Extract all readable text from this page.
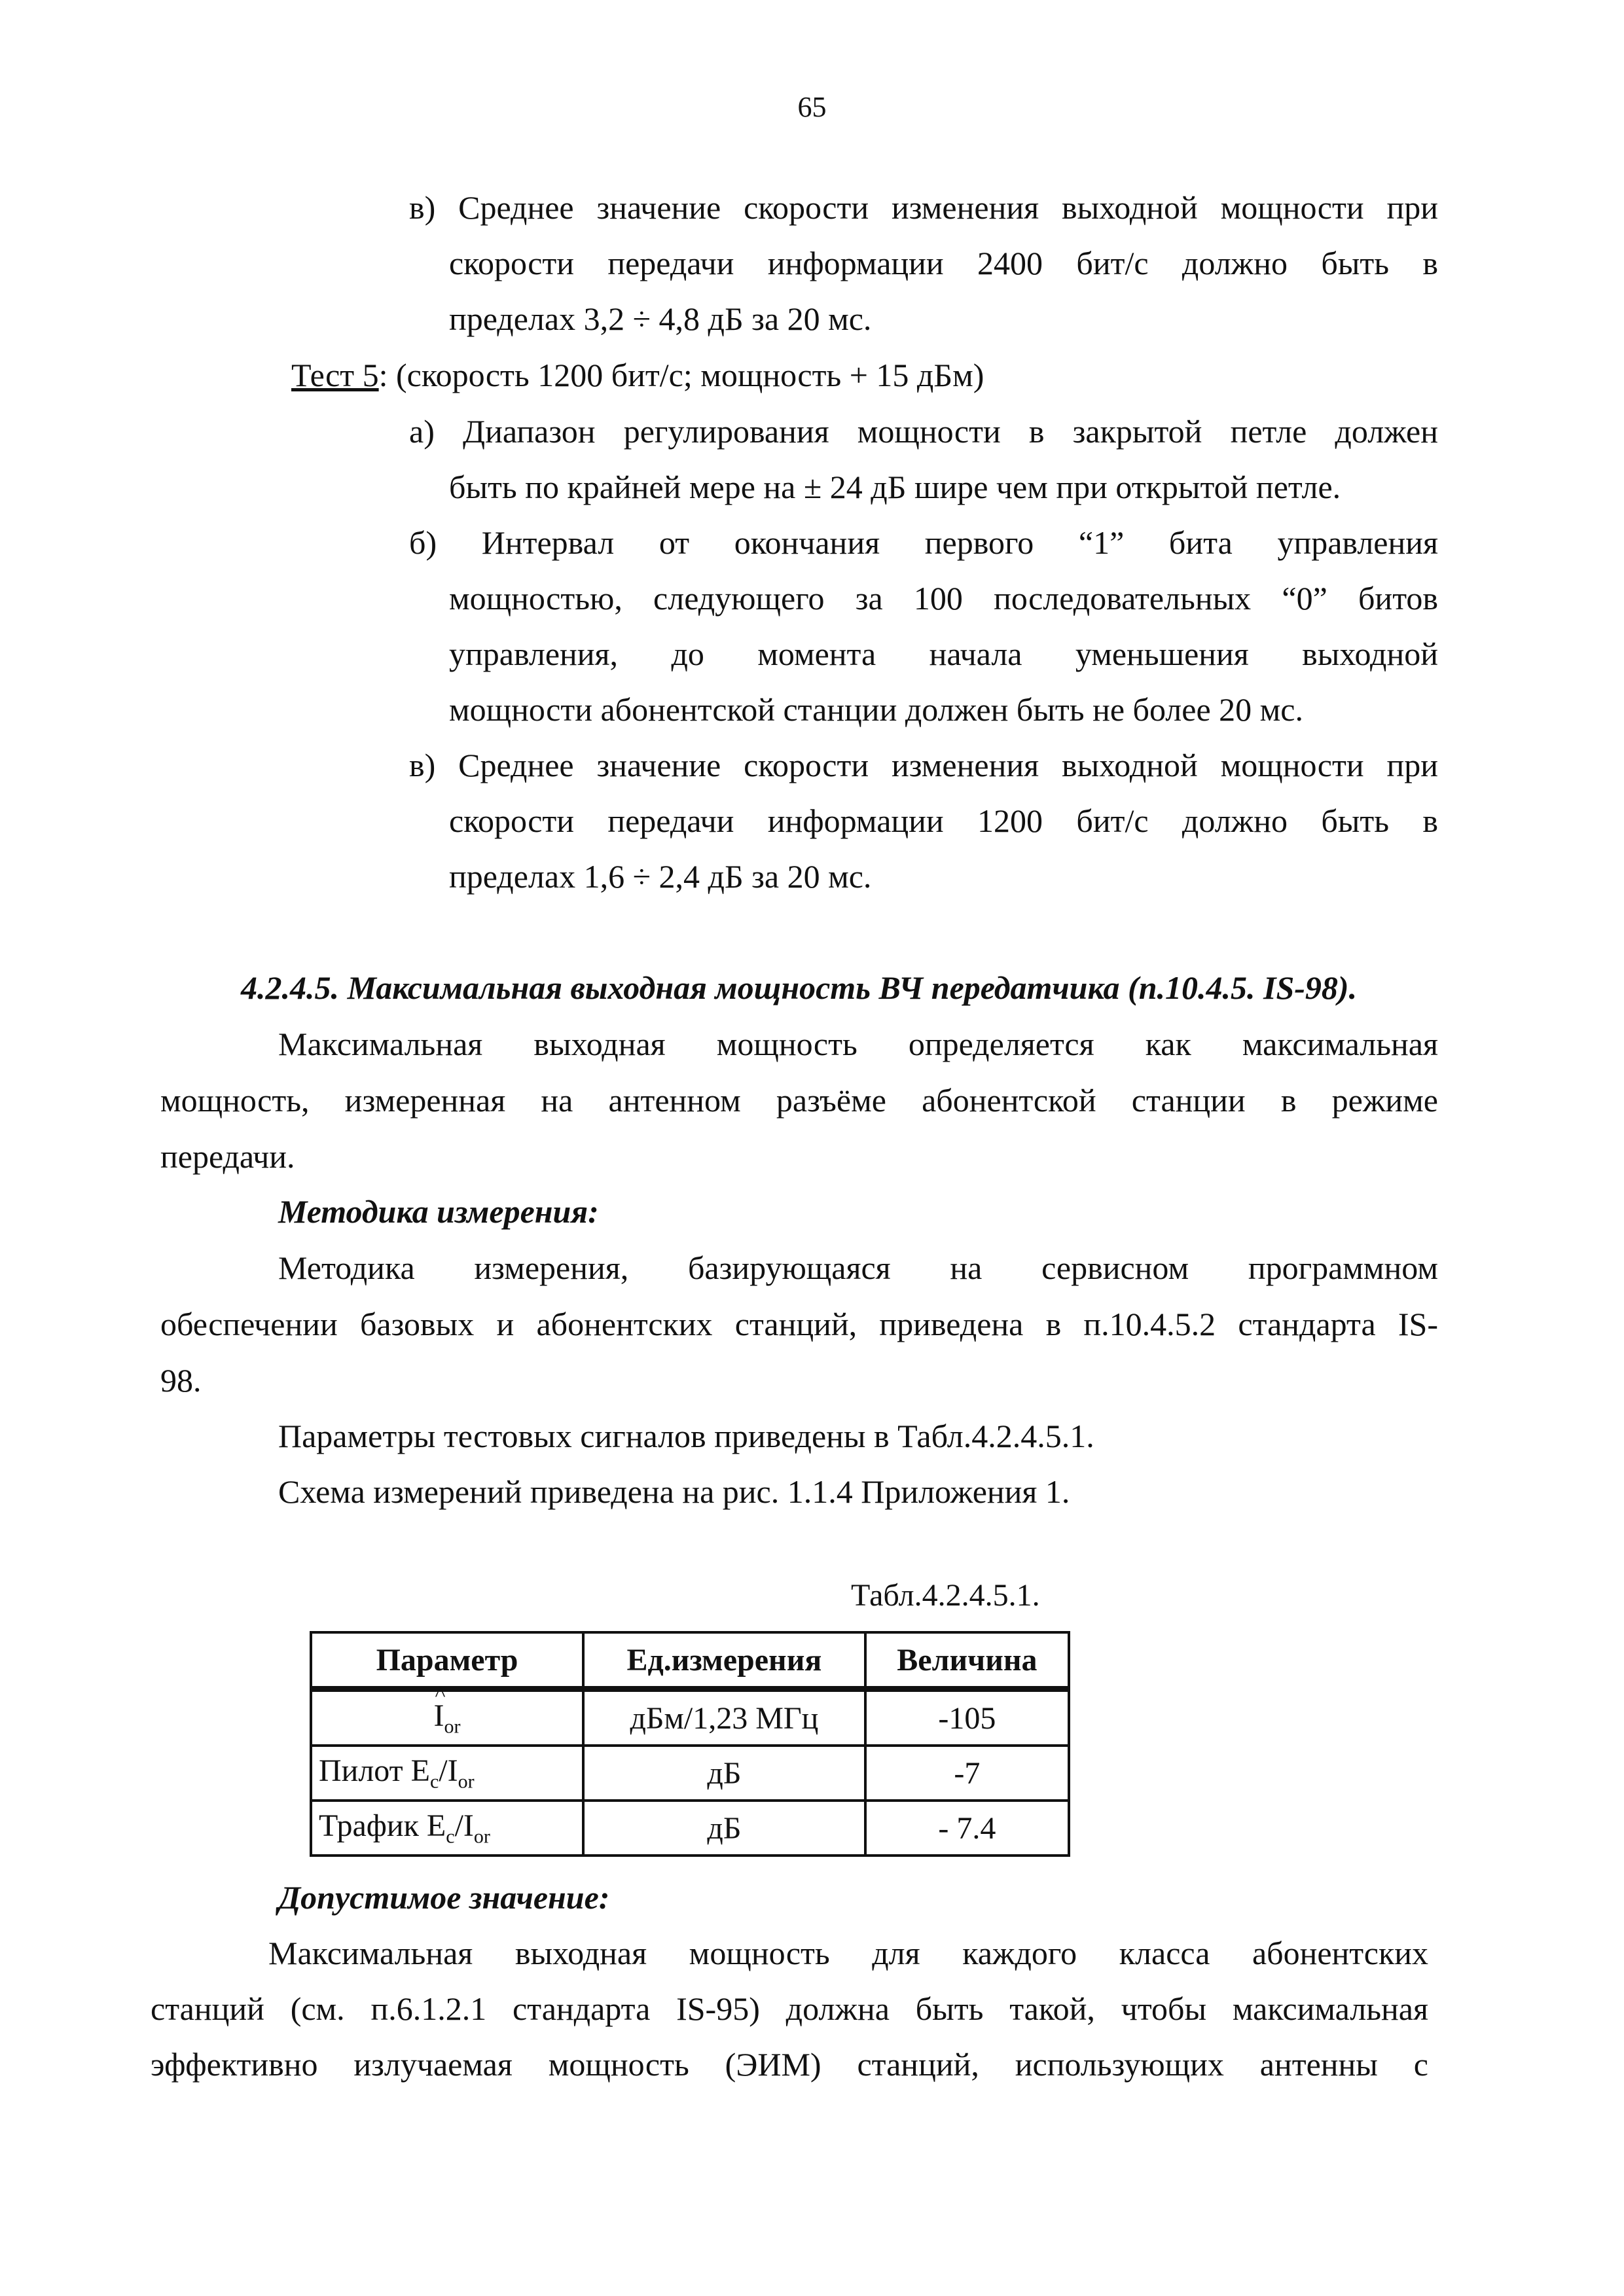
65
в) Среднее значение скорости изменения выходной мощности при
скорости передачи информации 2400 бит/с должно быть в
пределах 3,2 ÷ 4,8 дБ за 20 мс.
Тест 5: (скорость 1200 бит/с; мощность + 15 дБм)
а) Диапазон регулирования мощности в закрытой петле должен
быть по крайней мере на ± 24 дБ шире чем при открытой петле.
б) Интервал от окончания первого “1” бита управления
мощностью, следующего за 100 последовательных “0” битов
управления, до момента начала уменьшения выходной
мощности абонентской станции должен быть не более 20 мс.
в) Среднее значение скорости изменения выходной мощности при
скорости передачи информации 1200 бит/с должно быть в
пределах 1,6 ÷ 2,4 дБ за 20 мс.
4.2.4.5. Максимальная выходная мощность ВЧ передатчика (п.10.4.5. IS-98).
Максимальная выходная мощность определяется как максимальная
мощность, измеренная на антенном разъёме абонентской станции в режиме
передачи.
Методика измерения:
Методика измерения, базирующаяся на сервисном программном
обеспечении базовых и абонентских станций, приведена в п.10.4.5.2 стандарта IS-
98.
Параметры тестовых сигналов приведены в Табл.4.2.4.5.1.
Схема измерений приведена на рис. 1.1.4 Приложения 1.
Табл.4.2.4.5.1.
Параметр	Ед.измерения	Величина

^
$I_{or}$	дБм/1,23 МГц	-105
Пилот $E_c/I_{or}$	дБ	-7
Трафик $E_c/I_{or}$	дБ	- 7.4
Допустимое значение:
Максимальная выходная мощность для каждого класса абонентских
станций (см. п.6.1.2.1 стандарта IS-95) должна быть такой, чтобы максимальная
эффективно излучаемая мощность (ЭИМ) станций, использующих антенны с
